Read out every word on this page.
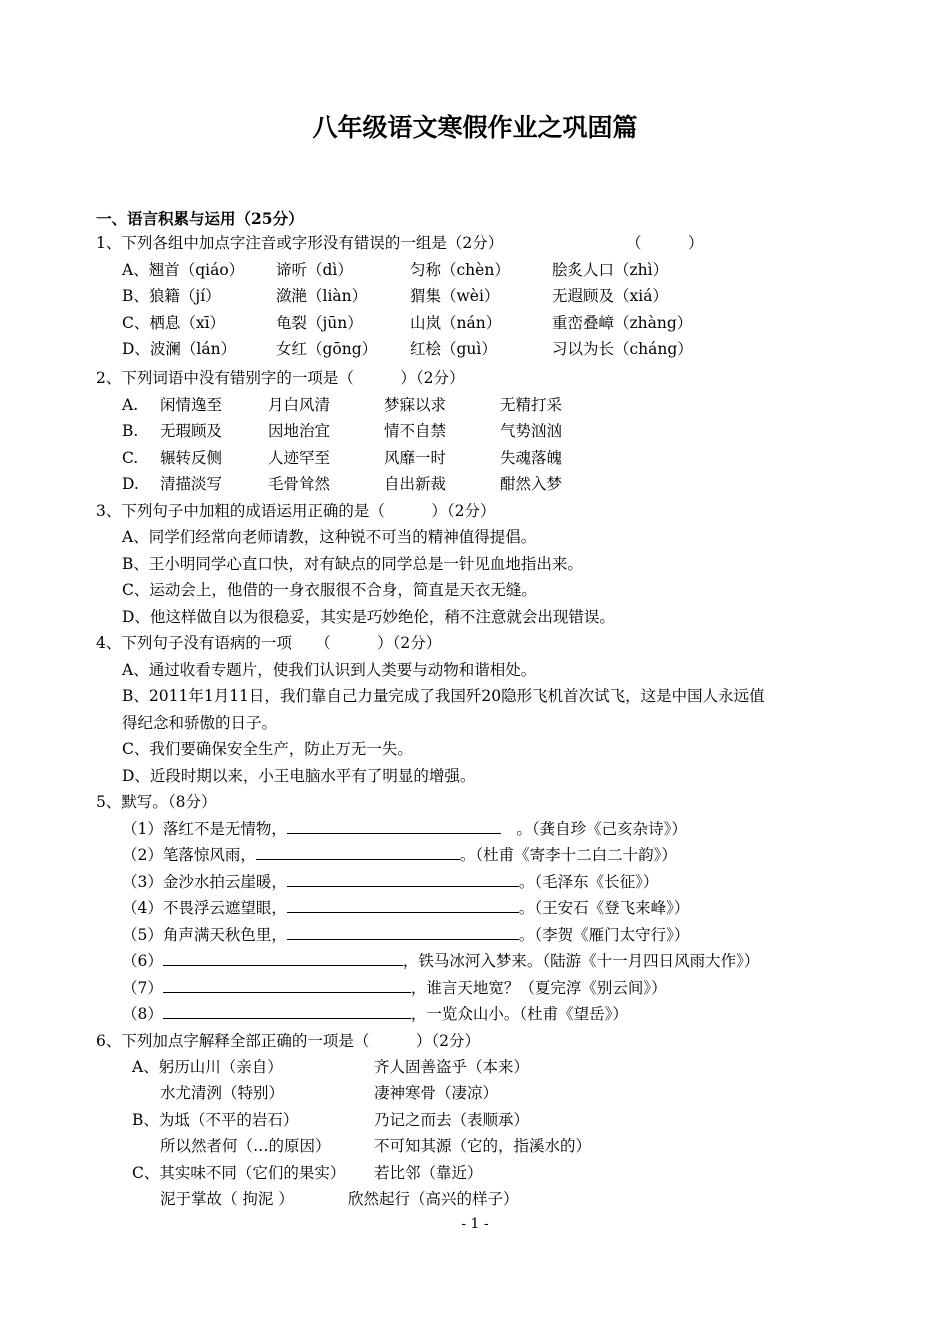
八年级语文寒假作业之巩固篇
一、语言积累与运用（25分）
1、下列各组中加点字注音或字形没有错误的一组是（2分）	（　　　）
A、翘首（qiáo） 谛听（dì）	匀称（chèn）	脍炙人口（zhì）
B、狼籍（jí）	潋滟（liàn）	猬集（wèi）	无遐顾及（xiá）
C、栖息（xī）	龟裂（jūn）	山岚（nán）	重峦叠嶂（zhàng）
D、波澜（lán）	女红（gōng） 红桧（guì）	习以为长（cháng）
2、下列词语中没有错别字的一项是（　　　）（2分）
A. 闲情逸至	月白风清	梦寐以求	无精打采
B. 无瑕顾及	因地治宜	情不自禁	气势汹汹
C. 辗转反侧	人迹罕至	风靡一时	失魂落魄
D. 清描淡写	毛骨耸然	自出新裁	酣然入梦
3、下列句子中加粗的成语运用正确的是（　　　）（2分）
A、同学们经常向老师请教，这种锐不可当的精神值得提倡。
B、王小明同学心直口快，对有缺点的同学总是一针见血地指出来。
C、运动会上，他借的一身衣服很不合身，简直是天衣无缝。
D、他这样做自以为很稳妥，其实是巧妙绝伦，稍不注意就会出现错误。
4、下列句子没有语病的一项　　（　　　）（2分）
A、通过收看专题片，使我们认识到人类要与动物和谐相处。
B、2011年1月11日，我们靠自己力量完成了我国歼20隐形飞机首次试飞，这是中国人永远值
得纪念和骄傲的日子。
C、我们要确保安全生产，防止万无一失。
D、近段时期以来，小王电脑水平有了明显的增强。
5、默写。（8分）
（1）落红不是无情物，	　。（龚自珍《己亥杂诗》）
（2）笔落惊风雨，	。（杜甫《寄李十二白二十韵》）
（3）金沙水拍云崖暖，	。（毛泽东《长征》）
（4）不畏浮云遮望眼，	。（王安石《登飞来峰》）
（5）角声满天秋色里，	。（李贺《雁门太守行》）
（6）	，铁马冰河入梦来。（陆游《十一月四日风雨大作》）
（7）	，谁言天地宽？（夏完淳《别云间》）
（8）	，一览众山小。（杜甫《望岳》）
6、下列加点字解释全部正确的一项是（　　　）（2分）
A、躬历山川（亲自）	齐人固善盗乎（本来）
水尤清洌（特别）	凄神寒骨（凄凉）
B、为坻（不平的岩石）	乃记之而去（表顺承）
所以然者何（…的原因）	不可知其源（它的，指溪水的）
C、其实味不同（它们的果实） 若比邻（靠近）
泥于掌故（ 拘泥 ）	欣然起行（高兴的样子）
- 1 -
